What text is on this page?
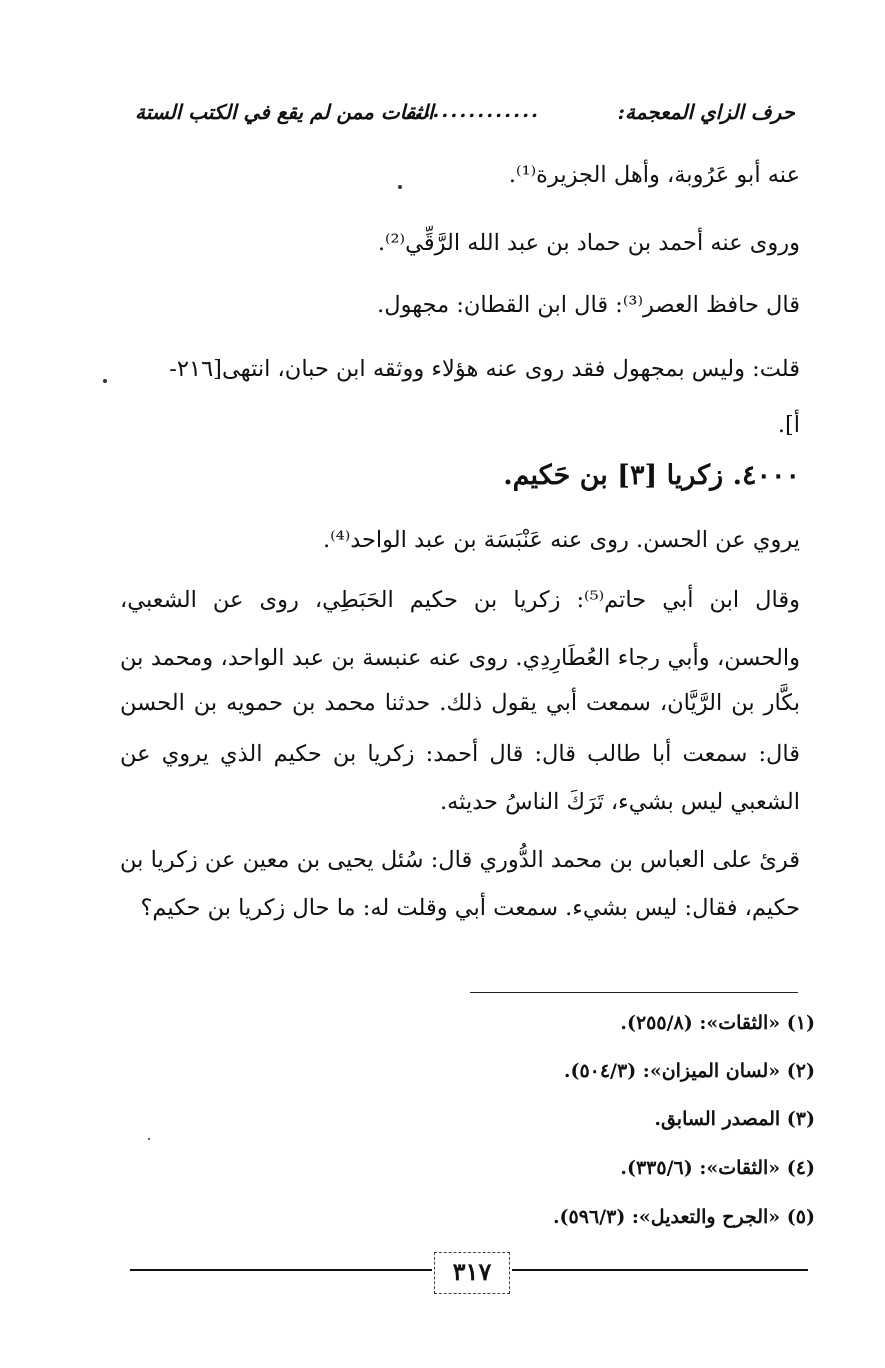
حرف الزاي المعجمة:
...............
الثقات ممن لم يقع في الكتب الستة
عنه أبو عَرُوبة، وأهل الجزيرة⁽¹⁾.
وروى عنه أحمد بن حماد بن عبد الله الرَّقِّي⁽²⁾.
قال حافظ العصر⁽³⁾: قال ابن القطان: مجهول.
قلت: وليس بمجهول فقد روى عنه هؤلاء ووثقه ابن حبان، انتهى[٢١٦-
أ].
٤٠٠٠. زكريا [٣] بن حَكيم.
يروي عن الحسن. روى عنه عَنْبَسَة بن عبد الواحد⁽⁴⁾.
وقال ابن أبي حاتم⁽⁵⁾: زكريا بن حكيم الحَبَطِي، روى عن الشعبي،
والحسن، وأبي رجاء العُطَارِدِي. روى عنه عنبسة بن عبد الواحد، ومحمد بن
بكَّار بن الرَّيَّان، سمعت أبي يقول ذلك. حدثنا محمد بن حمويه بن الحسن
قال: سمعت أبا طالب قال: قال أحمد: زكريا بن حكيم الذي يروي عن
الشعبي ليس بشيء، تَرَكَ الناسُ حديثه.
قرئ على العباس بن محمد الدُّوري قال: سُئل يحيى بن معين عن زكريا بن
حكيم، فقال: ليس بشيء. سمعت أبي وقلت له: ما حال زكريا بن حكيم؟
(١) «الثقات»: (٢٥٥/٨).
(٢) «لسان الميزان»: (٥٠٤/٣).
(٣) المصدر السابق.
(٤) «الثقات»: (٣٣٥/٦).
(٥) «الجرح والتعديل»: (٥٩٦/٣).
٣١٧
